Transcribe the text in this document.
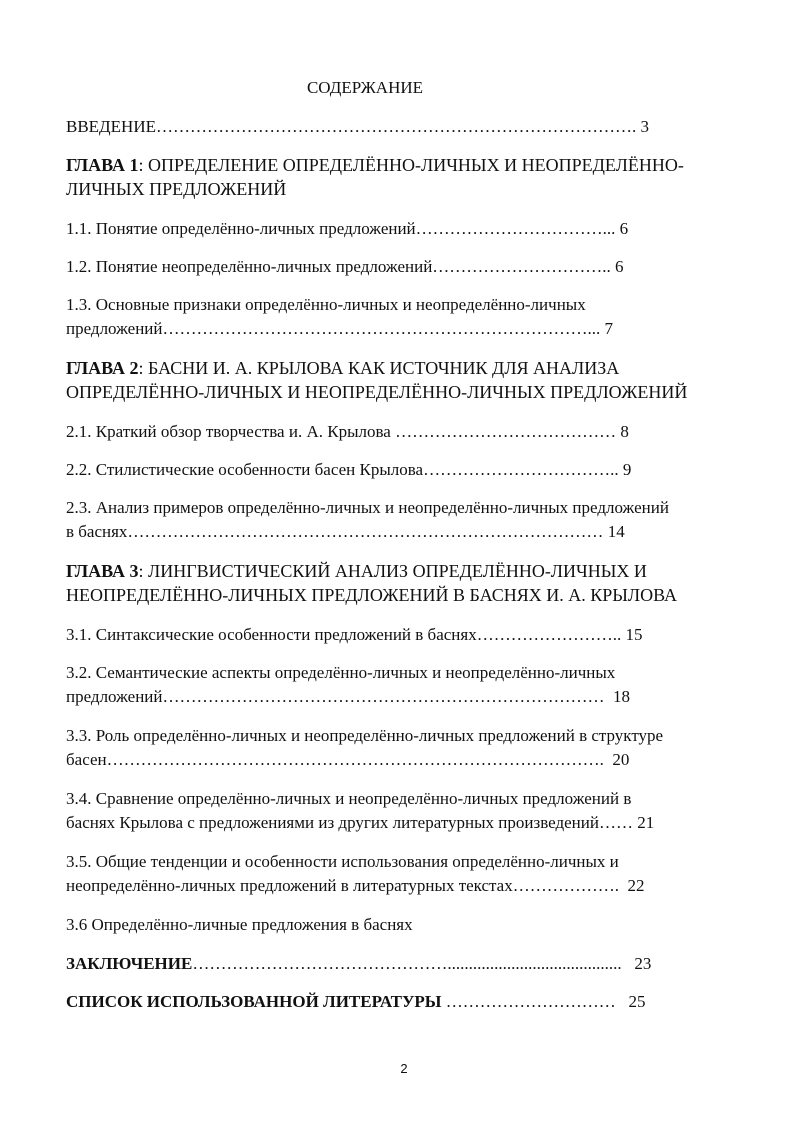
СОДЕРЖАНИЕ
ВВЕДЕНИЕ…………………………………………………………………………. 3
ГЛАВА 1: ОПРЕДЕЛЕНИЕ ОПРЕДЕЛЁННО-ЛИЧНЫХ И НЕОПРЕДЕЛЁННО-
ЛИЧНЫХ ПРЕДЛОЖЕНИЙ
1.1. Понятие определённо-личных предложений……………………………... 6
1.2. Понятие неопределённо-личных предложений………………………….. 6
1.3. Основные признаки определённо-личных и неопределённо-личных
предложений…………………………………………………………………... 7
ГЛАВА 2: БАСНИ И. А. КРЫЛОВА КАК ИСТОЧНИК ДЛЯ АНАЛИЗА
ОПРЕДЕЛЁННО-ЛИЧНЫХ И НЕОПРЕДЕЛЁННО-ЛИЧНЫХ ПРЕДЛОЖЕНИЙ
2.1. Краткий обзор творчества и. А. Крылова ………………………………… 8
2.2. Стилистические особенности басен Крылова…………………………….. 9
2.3. Анализ примеров определённо-личных и неопределённо-личных предложений
в баснях………………………………………………………………………… 14
ГЛАВА 3: ЛИНГВИСТИЧЕСКИЙ АНАЛИЗ ОПРЕДЕЛЁННО-ЛИЧНЫХ И
НЕОПРЕДЕЛЁННО-ЛИЧНЫХ ПРЕДЛОЖЕНИЙ В БАСНЯХ И. А. КРЫЛОВА
3.1. Синтаксические особенности предложений в баснях…………………….. 15
3.2. Семантические аспекты определённо-личных и неопределённо-личных
предложений……………………………………………………………………  18
3.3. Роль определённо-личных и неопределённо-личных предложений в структуре
басен…………………………………………………………………………….  20
3.4. Сравнение определённо-личных и неопределённо-личных предложений в
баснях Крылова с предложениями из других литературных произведений…… 21
3.5. Общие тенденции и особенности использования определённо-личных и
неопределённо-личных предложений в литературных текстах……………….  22
3.6 Определённо-личные предложения в баснях
ЗАКЛЮЧЕНИЕ……………………………………….........................................   23
СПИСОК ИСПОЛЬЗОВАННОЙ ЛИТЕРАТУРЫ …………………………   25
2
